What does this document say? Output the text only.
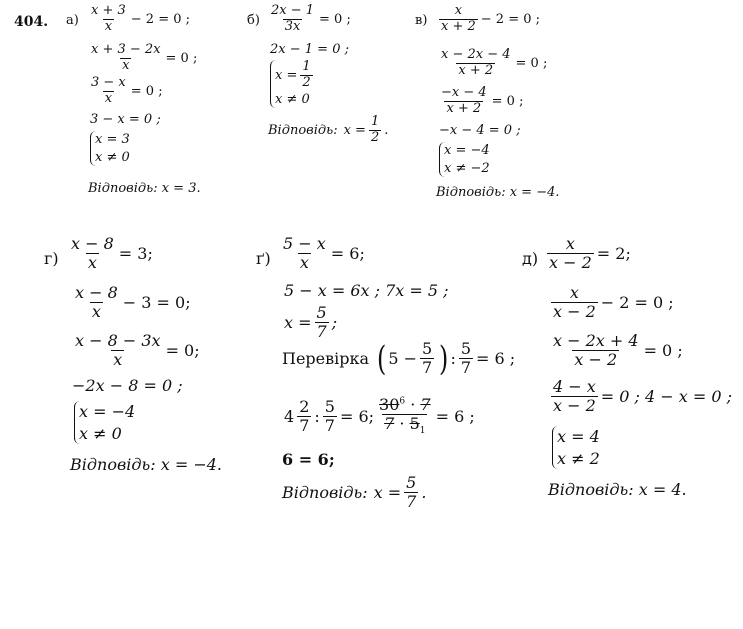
404. $а) \frac{x + 3}{x} - 2 = 0$ ;
$\frac{x + 3 - 2x}{x} = 0$ ;
$\frac{3 - x}{x} = 0$ ;
3 − x = 0 ;
x = 3
x ≠ 0
Відповідь: x = 3.
$б) \frac{2x - 1}{3x} = 0$ ;
2x − 1 = 0 ;
$x = \frac{1}{2}$
x ≠ 0
Відповідь: $x = \frac{1}{2}$ .
$в) \frac{x}{x + 2} - 2 = 0$ ;
$\frac{x - 2x - 4}{x + 2} = 0$ ;
$\frac{-x - 4}{x + 2} = 0$ ;
−x − 4 = 0 ;
x = −4
x ≠ −2
Відповідь: x = −4.
$г) \frac{x - 8}{x} = 3$;
$\frac{x - 8}{x} - 3 = 0$;
$\frac{x - 8 - 3x}{x} = 0$;
−2x − 8 = 0 ;
x = −4
x ≠ 0
Відповідь: x = −4.
$ґ) \frac{5 - x}{x} = 6$;
5 − x = 6x ; 7x = 5 ;
$x = \frac{5}{7}$ ;
Перевірка ( $5 - \frac{5}{7}$ ) : $\frac{5}{7} = 6$ ;
$4 \frac{2}{7}$ : $\frac{5}{7} = 6$; $\frac{30^6 \cdot 7}{7 \cdot 5_1} = 6$ ;
6 = 6;
Відповідь: $x = \frac{5}{7}$ .
$д) \frac{x}{x - 2} = 2$;
$\frac{x}{x - 2} - 2 = 0$ ;
$\frac{x - 2x + 4}{x - 2} = 0$ ;
$\frac{4 - x}{x - 2} = 0$ ; 4 − x = 0 ;
x = 4
x ≠ 2
Відповідь: x = 4.
